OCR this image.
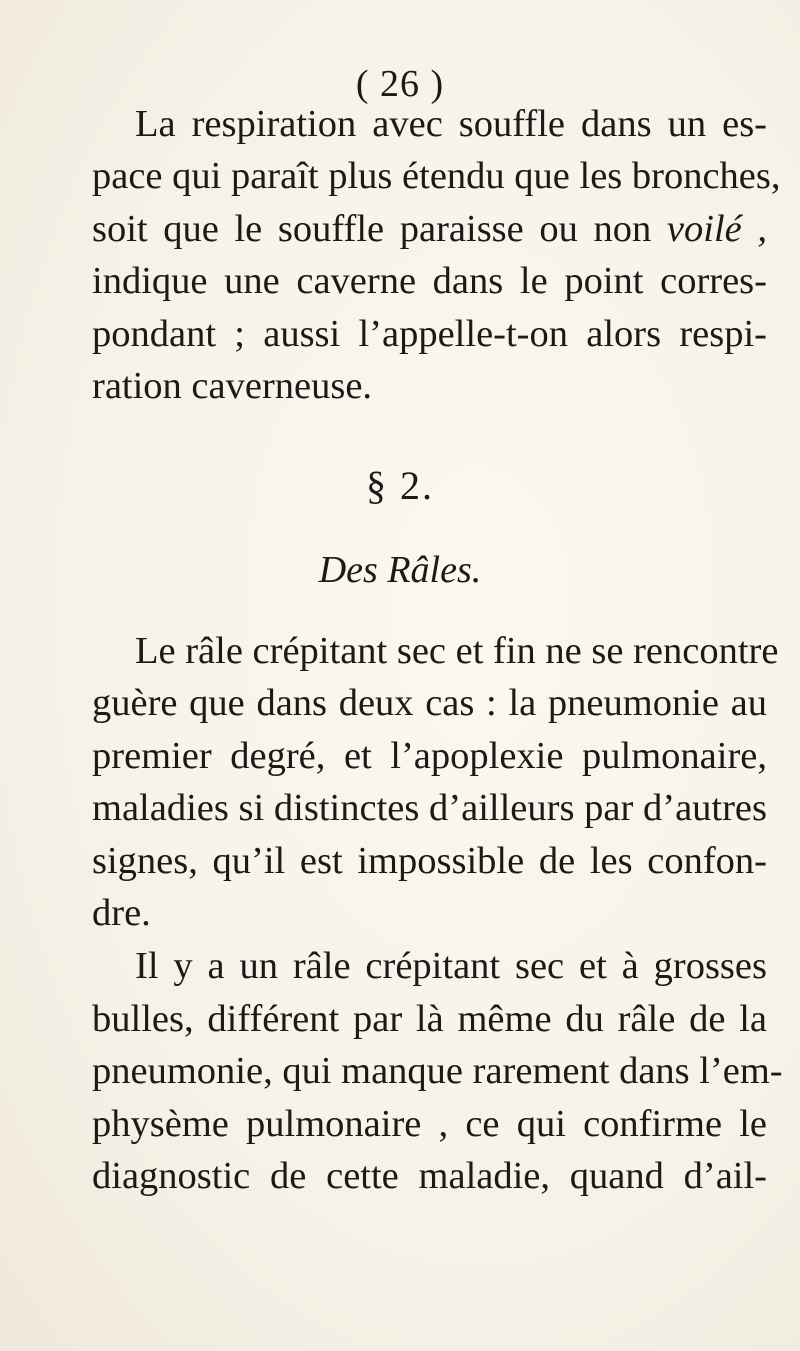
( 26 )
La respiration avec souffle dans un es-
pace qui paraît plus étendu que les bronches,
soit que le souffle paraisse ou non voilé ,
indique une caverne dans le point corres-
pondant ; aussi l’appelle-t-on alors respi-
ration caverneuse.
§ 2.
Des Râles.
Le râle crépitant sec et fin ne se rencontre
guère que dans deux cas : la pneumonie au
premier degré, et l’apoplexie pulmonaire,
maladies si distinctes d’ailleurs par d’autres
signes, qu’il est impossible de les confon-
dre.
Il y a un râle crépitant sec et à grosses
bulles, différent par là même du râle de la
pneumonie, qui manque rarement dans l’em-
physème pulmonaire , ce qui confirme le
diagnostic de cette maladie, quand d’ail-
